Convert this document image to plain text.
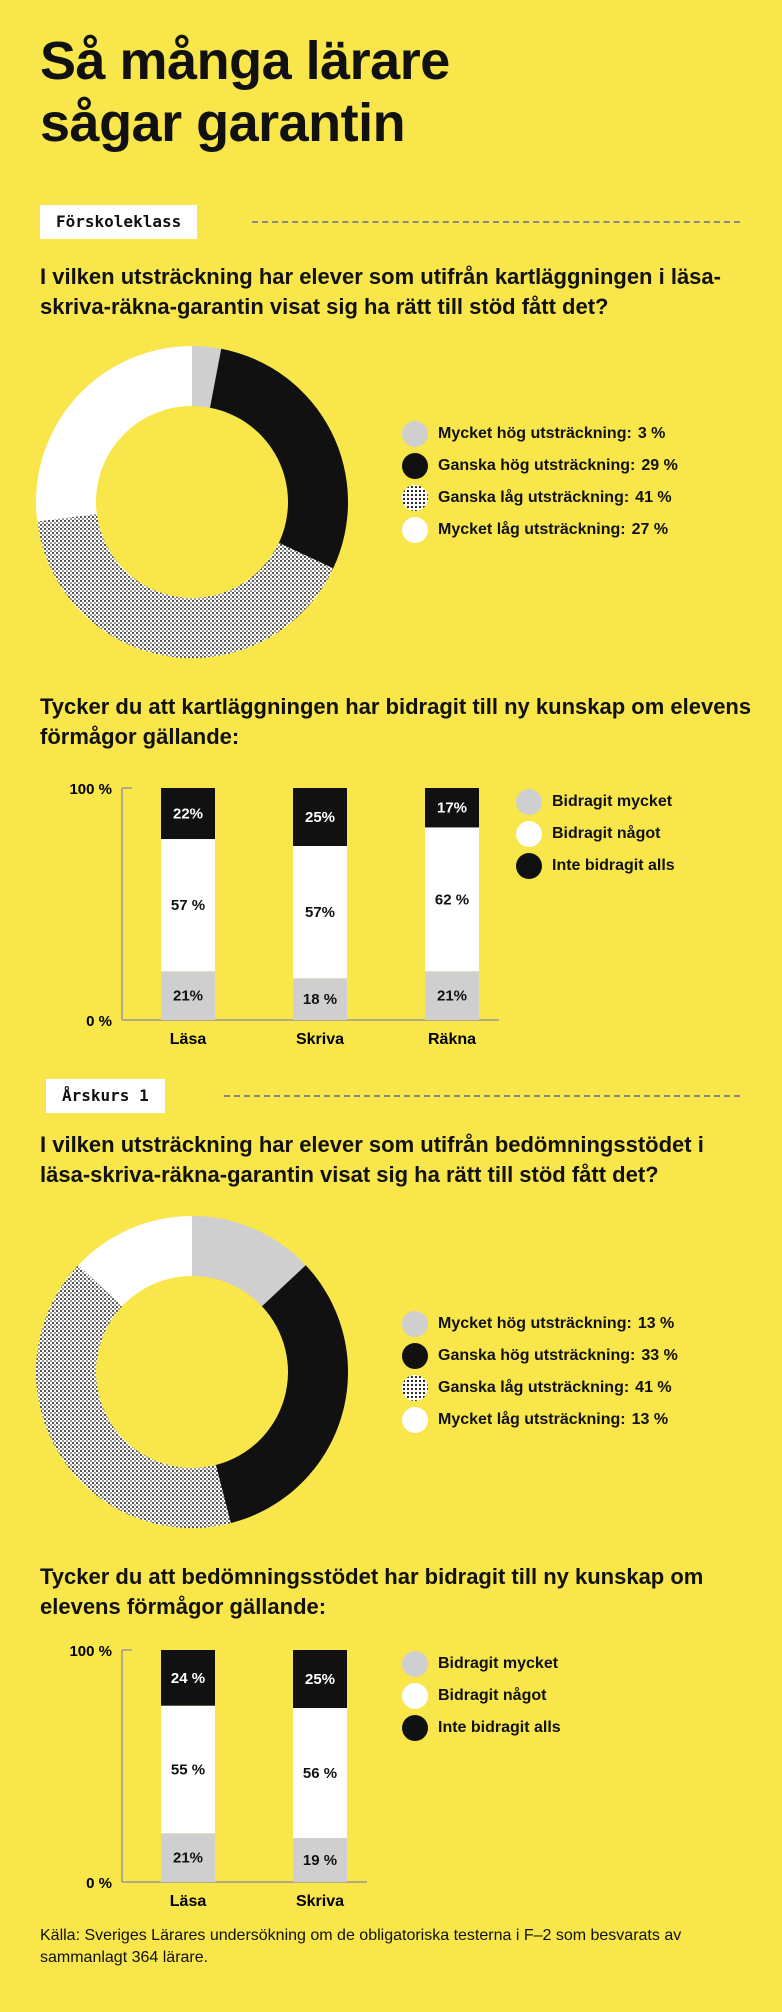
Så många lärare sågar garantin
Förskoleklass
I vilken utsträckning har elever som utifrån kartläggningen i läsa-skriva-räkna-garantin visat sig ha rätt till stöd fått det?
Mycket hög utsträckning: 3 %
Ganska hög utsträckning: 29 %
Ganska låg utsträckning: 41 %
Mycket låg utsträckning: 27 %
Tycker du att kartläggningen har bidragit till ny kunskap om elevens förmågor gällande:
100 %
0 %
21%
57 %
22%
Läsa
18 %
57%
25%
Skriva
21%
62 %
17%
Räkna
Bidragit mycket
Bidragit något
Inte bidragit alls
Årskurs 1
I vilken utsträckning har elever som utifrån bedömningsstödet i läsa-skriva-räkna-garantin visat sig ha rätt till stöd fått det?
Mycket hög utsträckning: 13 %
Ganska hög utsträckning: 33 %
Ganska låg utsträckning: 41 %
Mycket låg utsträckning: 13 %
Tycker du att bedömningsstödet har bidragit till ny kunskap om elevens förmågor gällande:
100 %
0 %
21%
55 %
24 %
Läsa
19 %
56 %
25%
Skriva
Bidragit mycket
Bidragit något
Inte bidragit alls
Källa: Sveriges Lärares undersökning om de obligatoriska testerna i F–2 som besvarats av sammanlagt 364 lärare.
